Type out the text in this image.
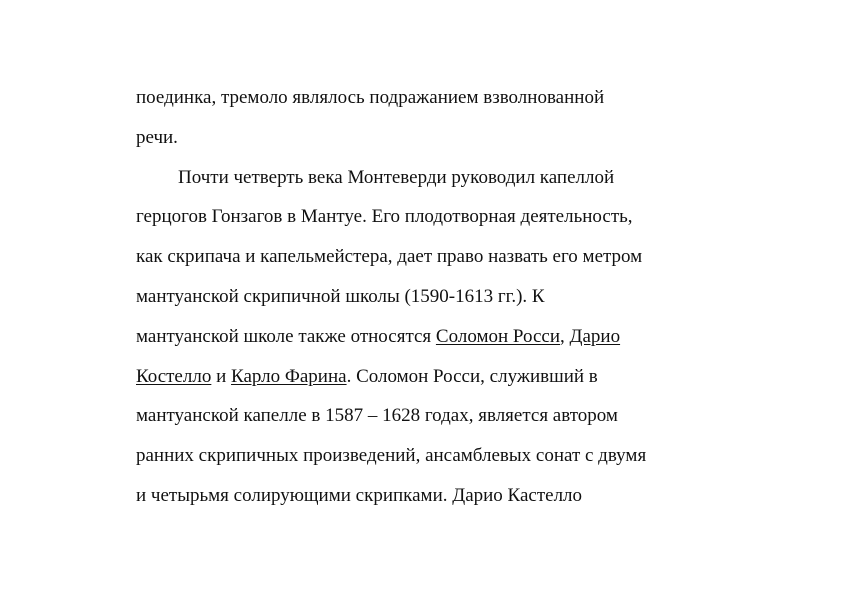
поединка, тремоло являлось подражанием взволнованной
речи.
Почти четверть века Монтеверди руководил капеллой
герцогов Гонзагов в Мантуе. Его плодотворная деятельность,
как скрипача и капельмейстера, дает право назвать его метром
мантуанской скрипичной школы (1590-1613 гг.). К
мантуанской школе также относятся Соломон Росси, Дарио
Костелло и Карло Фарина. Соломон Росси, служивший в
мантуанской капелле в 1587 – 1628 годах, является автором
ранних скрипичных произведений, ансамблевых сонат с двумя
и четырьмя солирующими скрипками. Дарио Кастелло
